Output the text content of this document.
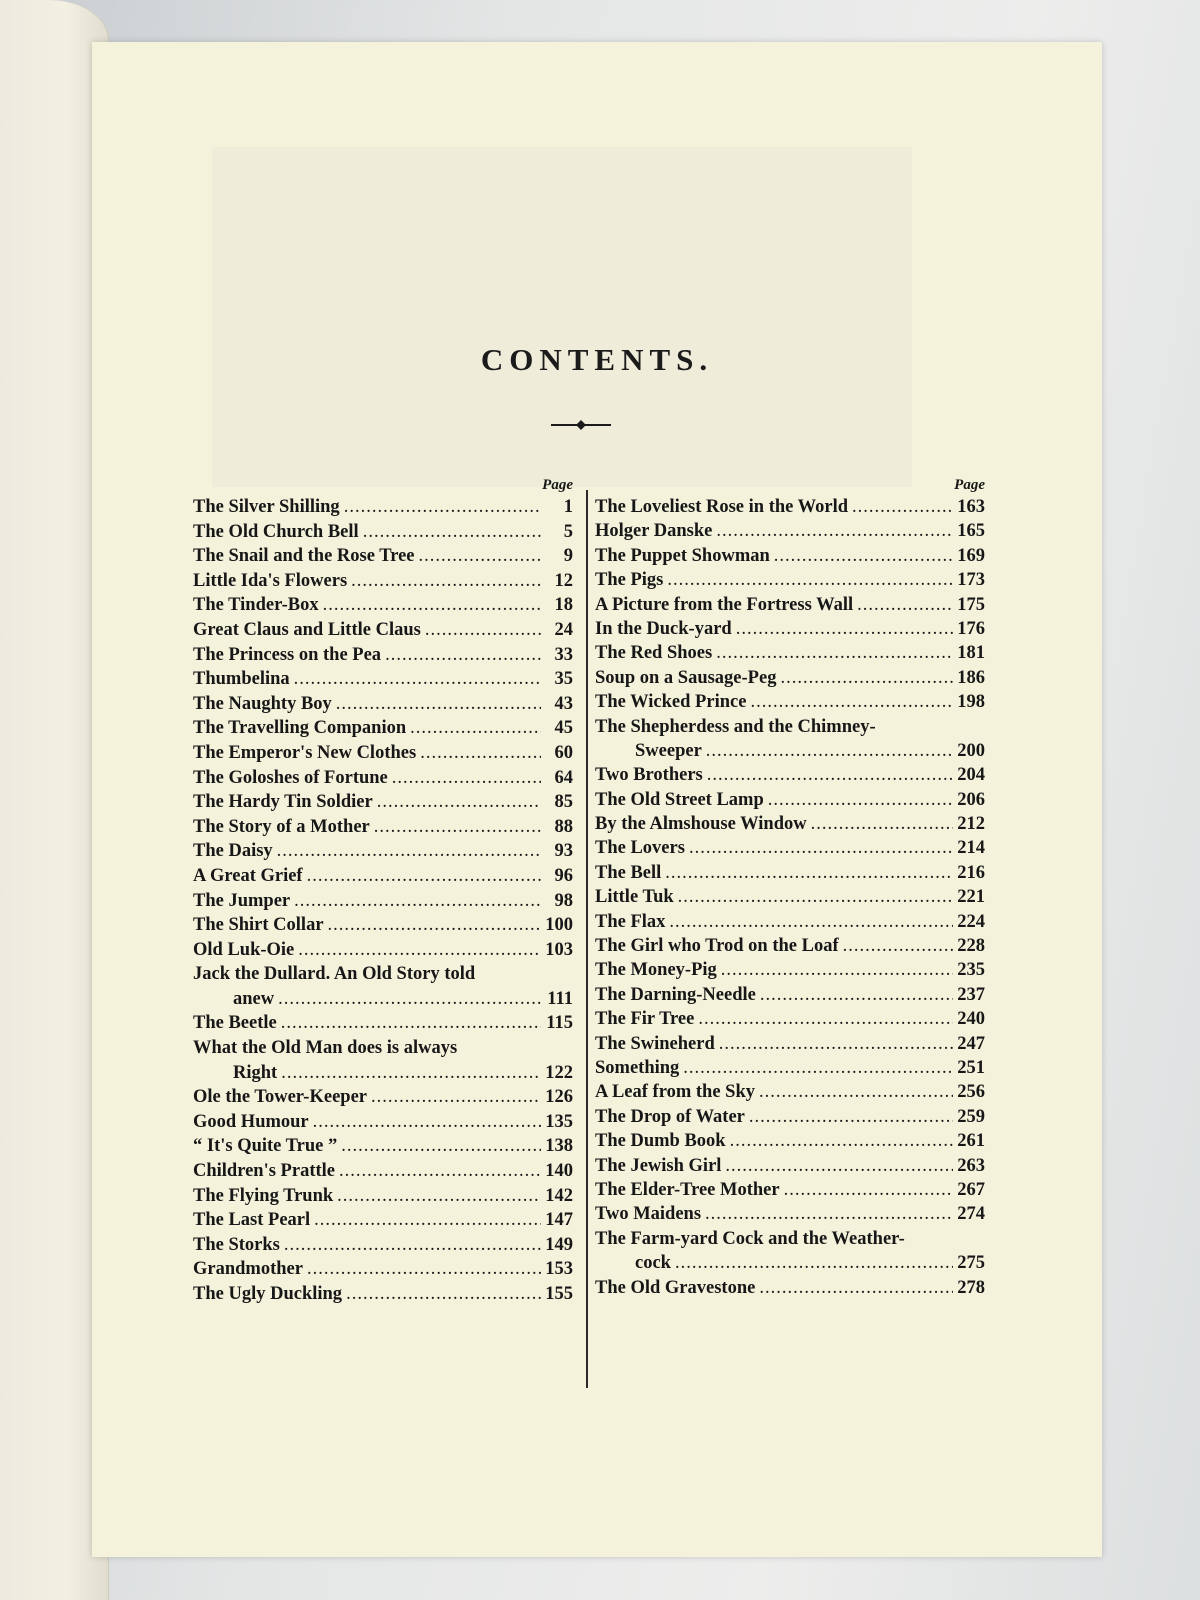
CONTENTS.
Page
The Silver Shilling .....	1
The Old Church Bell .....	5
The Snail and the Rose Tree .....	9
Little Ida's Flowers .....	12
The Tinder-Box .....	18
Great Claus and Little Claus .....	24
The Princess on the Pea .....	33
Thumbelina .....	35
The Naughty Boy .....	43
The Travelling Companion .....	45
The Emperor's New Clothes .....	60
The Goloshes of Fortune .....	64
The Hardy Tin Soldier .....	85
The Story of a Mother .....	88
The Daisy .....	93
A Great Grief .....	96
The Jumper .....	98
The Shirt Collar .....	100
Old Luk-Oie .....	103
Jack the Dullard. An Old Story told
anew .....	111
The Beetle .....	115
What the Old Man does is always
Right .....	122
Ole the Tower-Keeper .....	126
Good Humour .....	135
“ It's Quite True ” .....	138
Children's Prattle .....	140
The Flying Trunk .....	142
The Last Pearl .....	147
The Storks .....	149
Grandmother .....	153
The Ugly Duckling .....	155
Page
The Loveliest Rose in the World .....	163
Holger Danske .....	165
The Puppet Showman .....	169
The Pigs .....	173
A Picture from the Fortress Wall .....	175
In the Duck-yard .....	176
The Red Shoes .....	181
Soup on a Sausage-Peg .....	186
The Wicked Prince .....	198
The Shepherdess and the Chimney-
Sweeper .....	200
Two Brothers .....	204
The Old Street Lamp .....	206
By the Almshouse Window .....	212
The Lovers .....	214
The Bell .....	216
Little Tuk .....	221
The Flax .....	224
The Girl who Trod on the Loaf .....	228
The Money-Pig .....	235
The Darning-Needle .....	237
The Fir Tree .....	240
The Swineherd .....	247
Something .....	251
A Leaf from the Sky .....	256
The Drop of Water .....	259
The Dumb Book .....	261
The Jewish Girl .....	263
The Elder-Tree Mother .....	267
Two Maidens .....	274
The Farm-yard Cock and the Weather-
cock .....	275
The Old Gravestone .....	278
